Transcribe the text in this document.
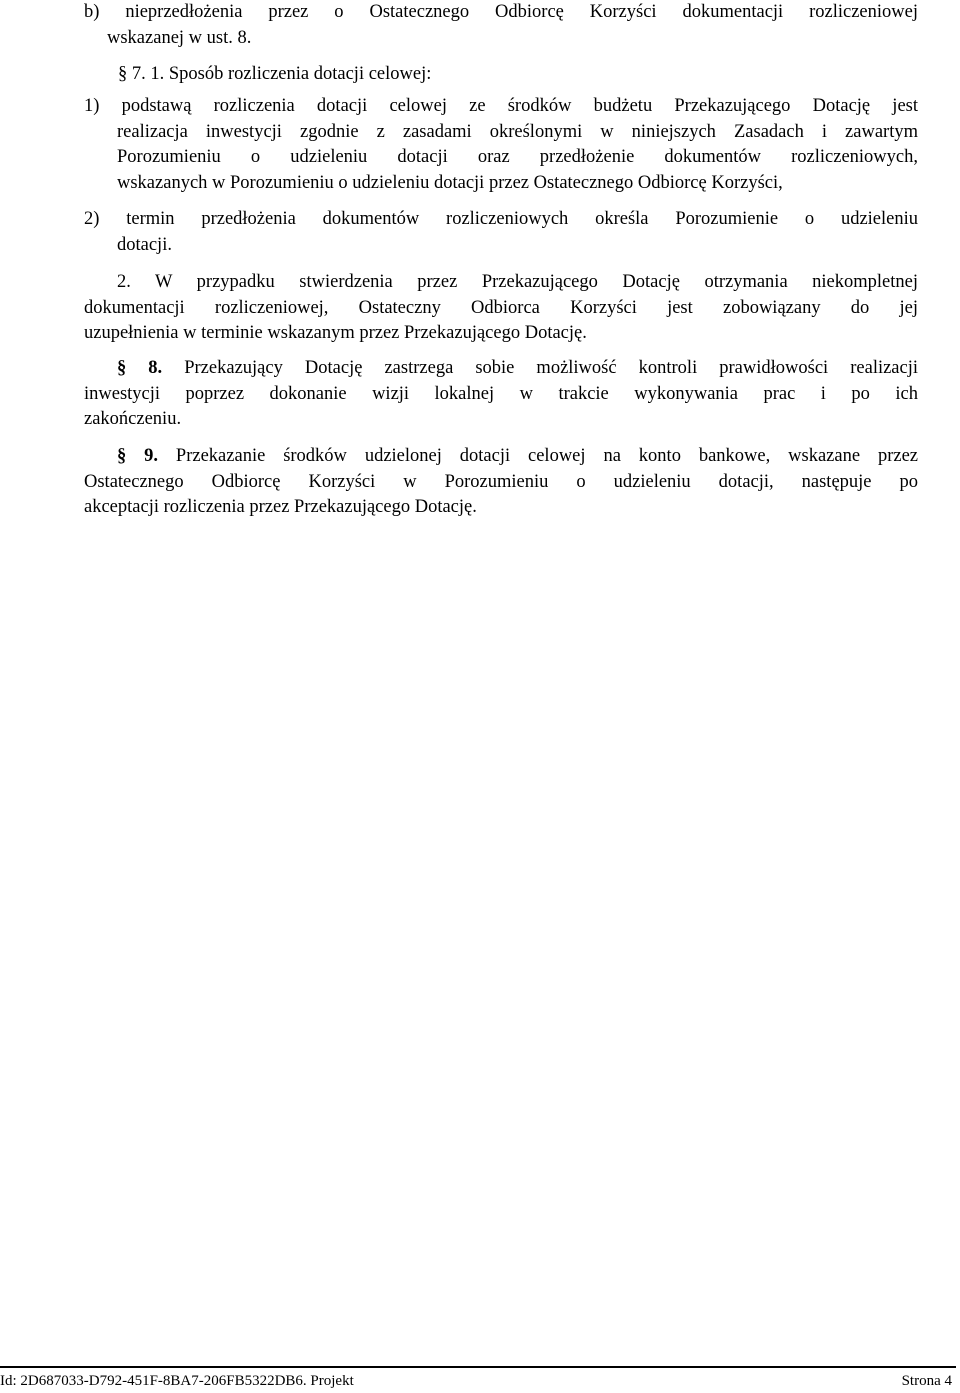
b) nieprzedłożenia przez o Ostatecznego Odbiorcę Korzyści dokumentacji rozliczeniowej
wskazanej w ust. 8.
§ 7. 1. Sposób rozliczenia dotacji celowej:
1) podstawą rozliczenia dotacji celowej ze środków budżetu Przekazującego Dotację jest
realizacja inwestycji zgodnie z zasadami określonymi w niniejszych Zasadach i zawartym
Porozumieniu o udzieleniu dotacji oraz przedłożenie dokumentów rozliczeniowych,
wskazanych w Porozumieniu o udzieleniu dotacji przez Ostatecznego Odbiorcę Korzyści,
2) termin przedłożenia dokumentów rozliczeniowych określa Porozumienie o udzieleniu
dotacji.
2. W przypadku stwierdzenia przez Przekazującego Dotację otrzymania niekompletnej
dokumentacji rozliczeniowej, Ostateczny Odbiorca Korzyści jest zobowiązany do jej
uzupełnienia w terminie wskazanym przez Przekazującego Dotację.
§ 8. Przekazujący Dotację zastrzega sobie możliwość kontroli prawidłowości realizacji
inwestycji poprzez dokonanie wizji lokalnej w trakcie wykonywania prac i po ich
zakończeniu.
§ 9. Przekazanie środków udzielonej dotacji celowej na konto bankowe, wskazane przez
Ostatecznego Odbiorcę Korzyści w Porozumieniu o udzieleniu dotacji, następuje po
akceptacji rozliczenia przez Przekazującego Dotację.
Id: 2D687033-D792-451F-8BA7-206FB5322DB6. Projekt	Strona 4
